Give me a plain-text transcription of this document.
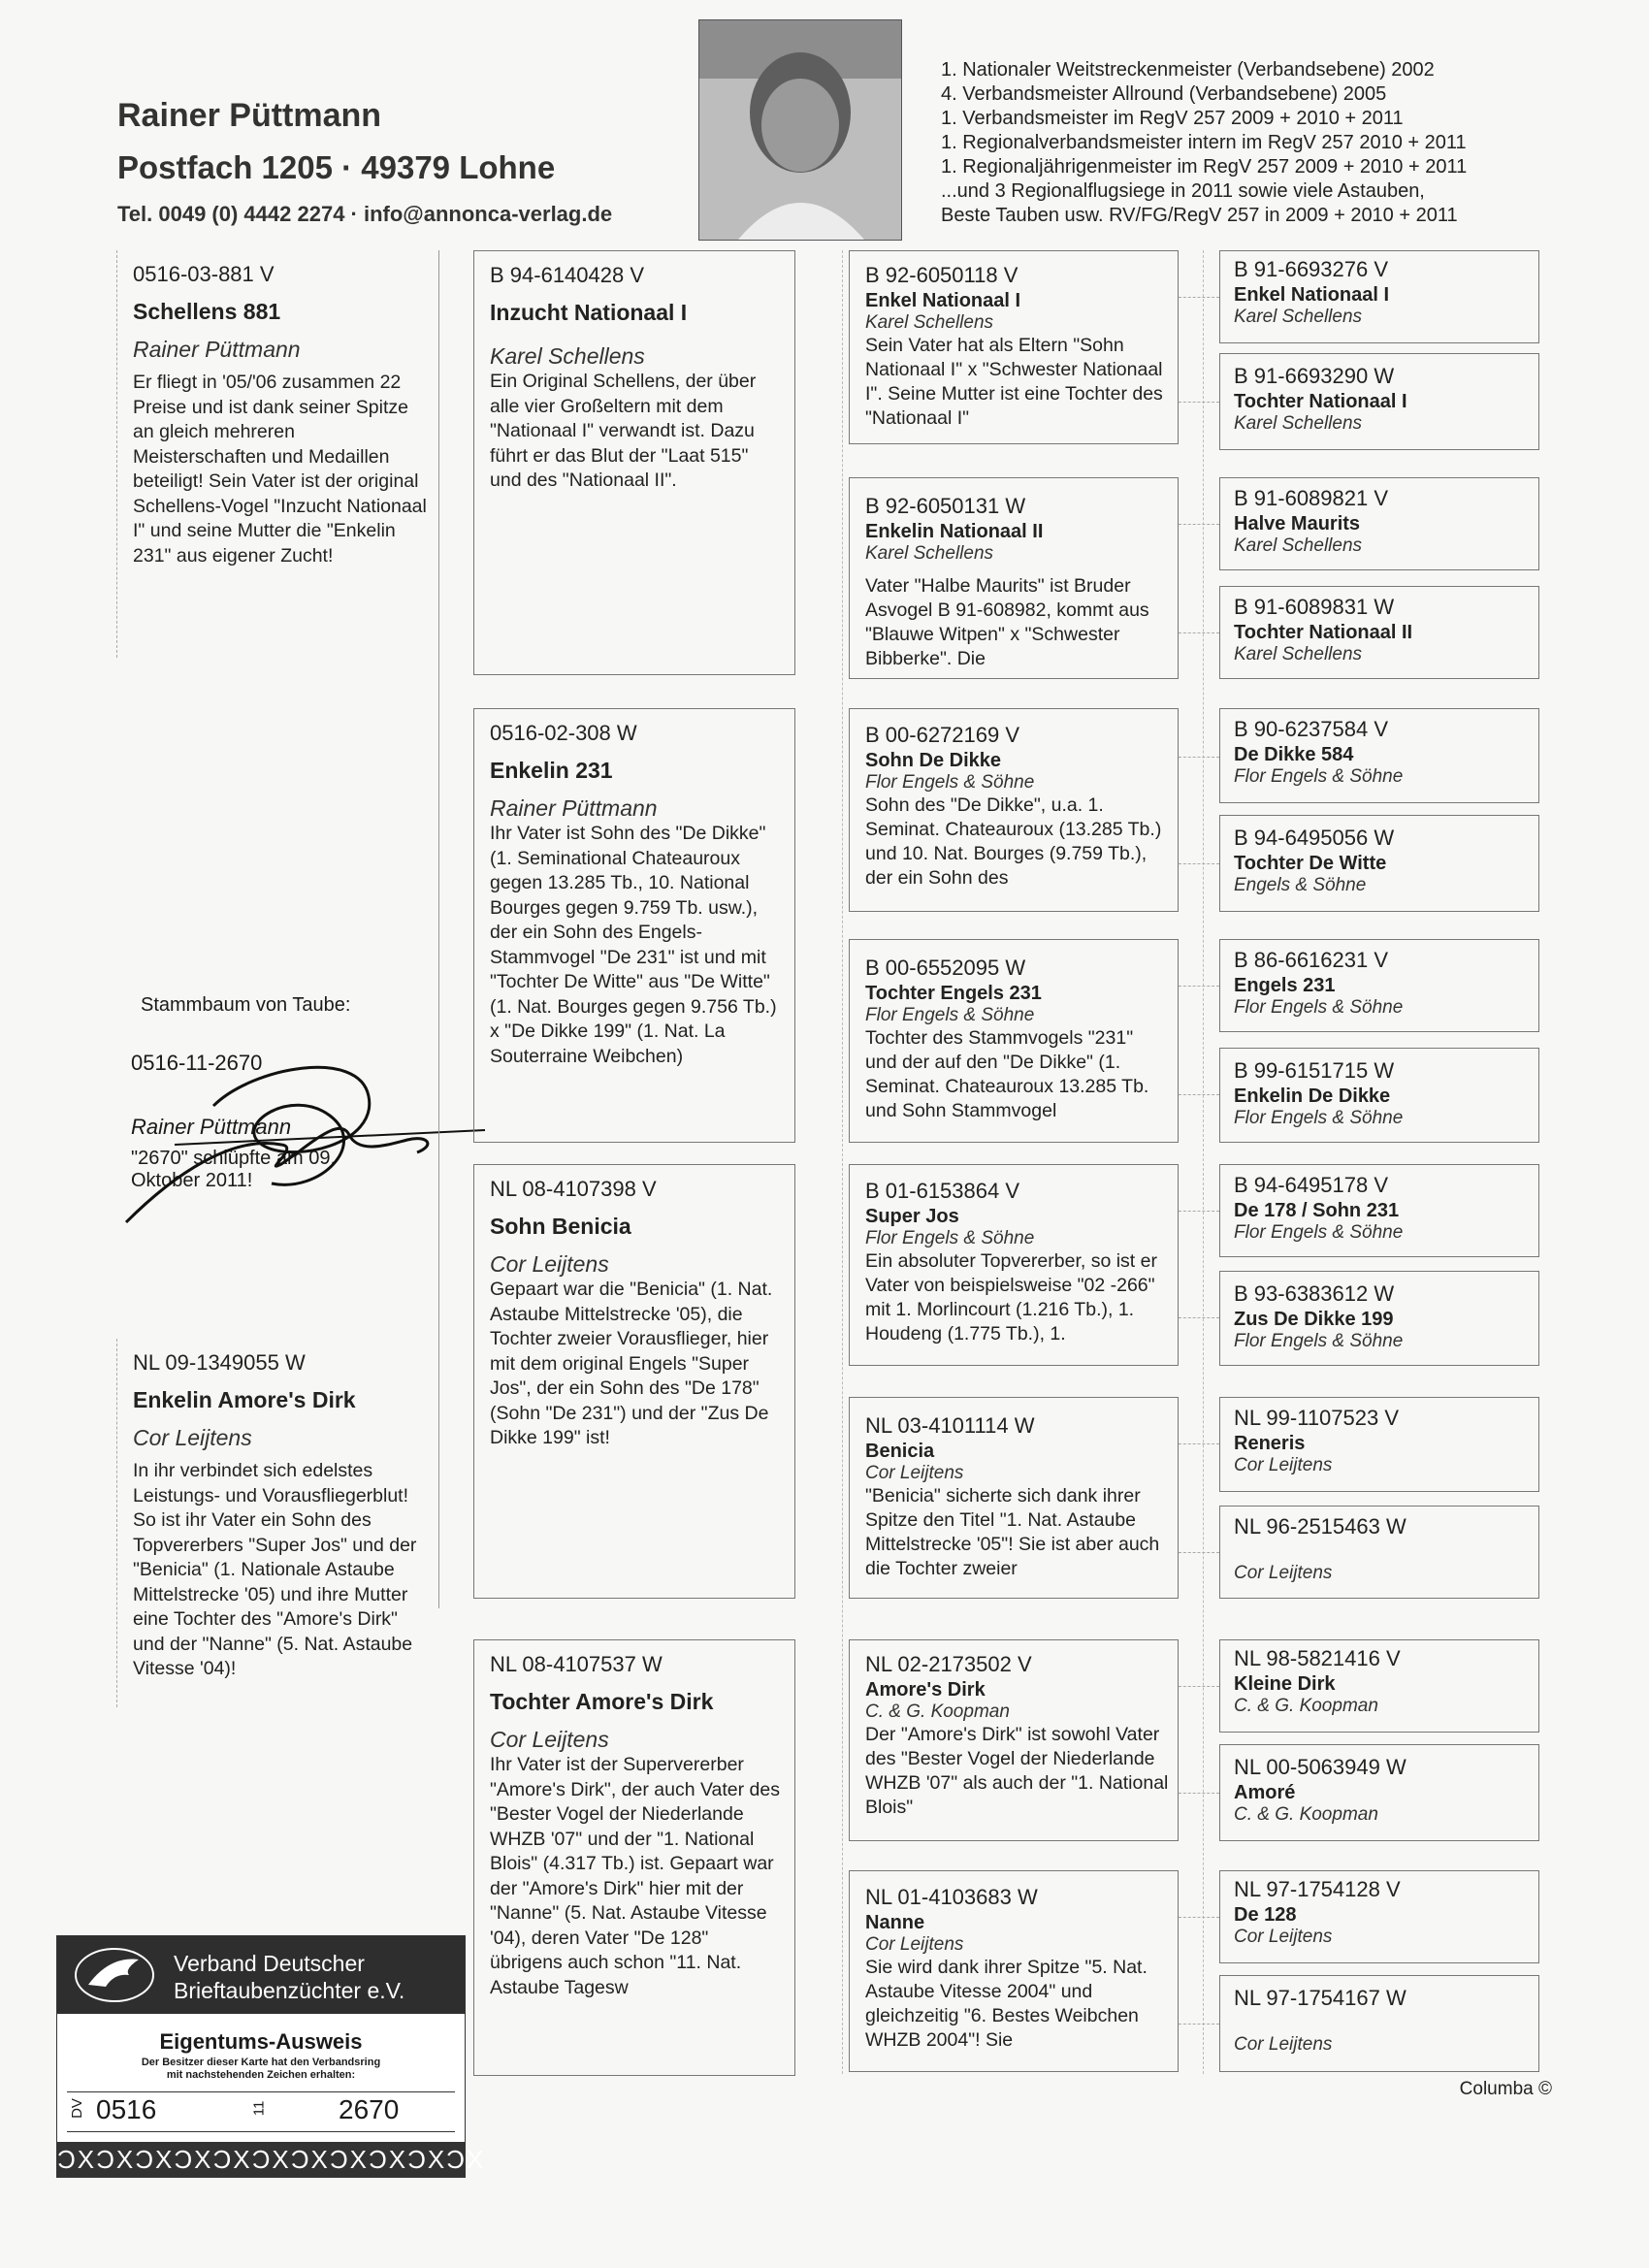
Rainer Püttmann
Postfach 1205 · 49379 Lohne
Tel. 0049 (0) 4442 2274 · info@annonca-verlag.de
1. Nationaler Weitstreckenmeister (Verbandsebene) 2002
4. Verbandsmeister Allround (Verbandsebene) 2005
1. Verbandsmeister im RegV 257 2009 + 2010 + 2011
1. Regionalverbandsmeister intern im RegV 257 2010 + 2011
1. Regionaljährigenmeister im RegV 257 2009 + 2010 + 2011
...und 3 Regionalflugsiege in 2011 sowie viele Astauben,
Beste Tauben usw. RV/FG/RegV 257 in 2009 + 2010 + 2011
0516-03-881 V
Schellens 881
Rainer Püttmann
Er fliegt in '05/'06 zusammen 22 Preise und ist dank seiner Spitze an gleich mehreren Meisterschaften und Medaillen beteiligt! Sein Vater ist der original Schellens-Vogel "Inzucht Nationaal I" und seine Mutter die "Enkelin 231" aus eigener Zucht!
Stammbaum von Taube:
0516-11-2670
Rainer Püttmann
"2670" schlüpfte am 09.
Oktober 2011!
NL 09-1349055 W
Enkelin Amore's Dirk
Cor Leijtens
In ihr verbindet sich edelstes Leistungs- und Vorausfliegerblut! So ist ihr Vater ein Sohn des Topvererbers "Super Jos" und der "Benicia" (1. Nationale Astaube Mittelstrecke '05) und ihre Mutter eine Tochter des "Amore's Dirk" und der "Nanne" (5. Nat. Astaube Vitesse '04)!
B 94-6140428 V
Inzucht Nationaal I
Karel Schellens
Ein Original Schellens, der über alle vier Großeltern mit dem "Nationaal I" verwandt ist. Dazu führt er das Blut der "Laat 515" und des "Nationaal II".
0516-02-308 W
Enkelin 231
Rainer Püttmann
Ihr Vater ist Sohn des "De Dikke" (1. Seminational Chateauroux gegen 13.285 Tb., 10. National Bourges gegen 9.759 Tb. usw.), der ein Sohn des Engels-Stammvogel "De 231" ist und mit "Tochter De Witte" aus "De Witte" (1. Nat. Bourges gegen 9.756 Tb.) x "De Dikke 199" (1. Nat. La Souterraine Weibchen)
NL 08-4107398 V
Sohn Benicia
Cor Leijtens
Gepaart war die "Benicia" (1. Nat. Astaube Mittelstrecke '05), die Tochter zweier Vorausflieger, hier mit dem original Engels "Super Jos", der ein Sohn des "De 178" (Sohn "De 231") und der "Zus De Dikke 199" ist!
NL 08-4107537 W
Tochter Amore's Dirk
Cor Leijtens
Ihr Vater ist der Supervererber "Amore's Dirk", der auch Vater des "Bester Vogel der Niederlande WHZB '07" und der "1. National Blois" (4.317 Tb.) ist. Gepaart war der "Amore's Dirk" hier mit der "Nanne" (5. Nat. Astaube Vitesse '04), deren Vater "De 128" übrigens auch schon "11. Nat. Astaube Tagesw
B 92-6050118 V
Enkel Nationaal I
Karel Schellens
Sein Vater hat als Eltern "Sohn Nationaal I" x "Schwester Nationaal I". Seine Mutter ist eine Tochter des "Nationaal I"
B 92-6050131 W
Enkelin Nationaal II
Karel Schellens
Vater "Halbe Maurits" ist Bruder Asvogel B 91-608982, kommt aus "Blauwe Witpen" x "Schwester Bibberke". Die
B 00-6272169 V
Sohn De Dikke
Flor Engels & Söhne
Sohn des "De Dikke", u.a. 1. Seminat. Chateauroux (13.285 Tb.) und 10. Nat. Bourges (9.759 Tb.), der ein Sohn des
B 00-6552095 W
Tochter Engels 231
Flor Engels & Söhne
Tochter des Stammvogels "231" und der auf den "De Dikke" (1. Seminat. Chateauroux 13.285 Tb. und Sohn Stammvogel
B 01-6153864 V
Super Jos
Flor Engels & Söhne
Ein absoluter Topvererber, so ist er Vater von beispielsweise "02 -266" mit 1. Morlincourt (1.216 Tb.), 1. Houdeng (1.775 Tb.), 1.
NL 03-4101114 W
Benicia
Cor Leijtens
"Benicia" sicherte sich dank ihrer Spitze den Titel "1. Nat. Astaube Mittelstrecke '05"! Sie ist aber auch die Tochter zweier
NL 02-2173502 V
Amore's Dirk
C. & G. Koopman
Der "Amore's Dirk" ist sowohl Vater des "Bester Vogel der Niederlande WHZB '07" als auch der "1. National Blois"
NL 01-4103683 W
Nanne
Cor Leijtens
Sie wird dank ihrer Spitze "5. Nat. Astaube Vitesse 2004" und gleichzeitig "6. Bestes Weibchen WHZB 2004"! Sie
B 91-6693276 V
Enkel Nationaal I
Karel Schellens
B 91-6693290 W
Tochter Nationaal I
Karel Schellens
B 91-6089821 V
Halve Maurits
Karel Schellens
B 91-6089831 W
Tochter Nationaal II
Karel Schellens
B 90-6237584 V
De Dikke 584
Flor Engels & Söhne
B 94-6495056 W
Tochter De Witte
Engels & Söhne
B 86-6616231 V
Engels 231
Flor Engels & Söhne
B 99-6151715 W
Enkelin De Dikke
Flor Engels & Söhne
B 94-6495178 V
De 178 / Sohn 231
Flor Engels & Söhne
B 93-6383612 W
Zus De Dikke 199
Flor Engels & Söhne
NL 99-1107523 V
Reneris
Cor Leijtens
NL 96-2515463 W
Cor Leijtens
NL 98-5821416 V
Kleine Dirk
C. & G. Koopman
NL 00-5063949 W
Amoré
C. & G. Koopman
NL 97-1754128 V
De 128
Cor Leijtens
NL 97-1754167 W
Cor Leijtens
Verband Deutscher
Brieftaubenzüchter e.V.
Eigentums-Ausweis
Der Besitzer dieser Karte hat den Verbandsring
mit nachstehenden Zeichen erhalten:
DV 0516	11	2670
ƆXƆXƆXƆXƆXƆXƆXƆXƆXƆXƆX
Columba ©
